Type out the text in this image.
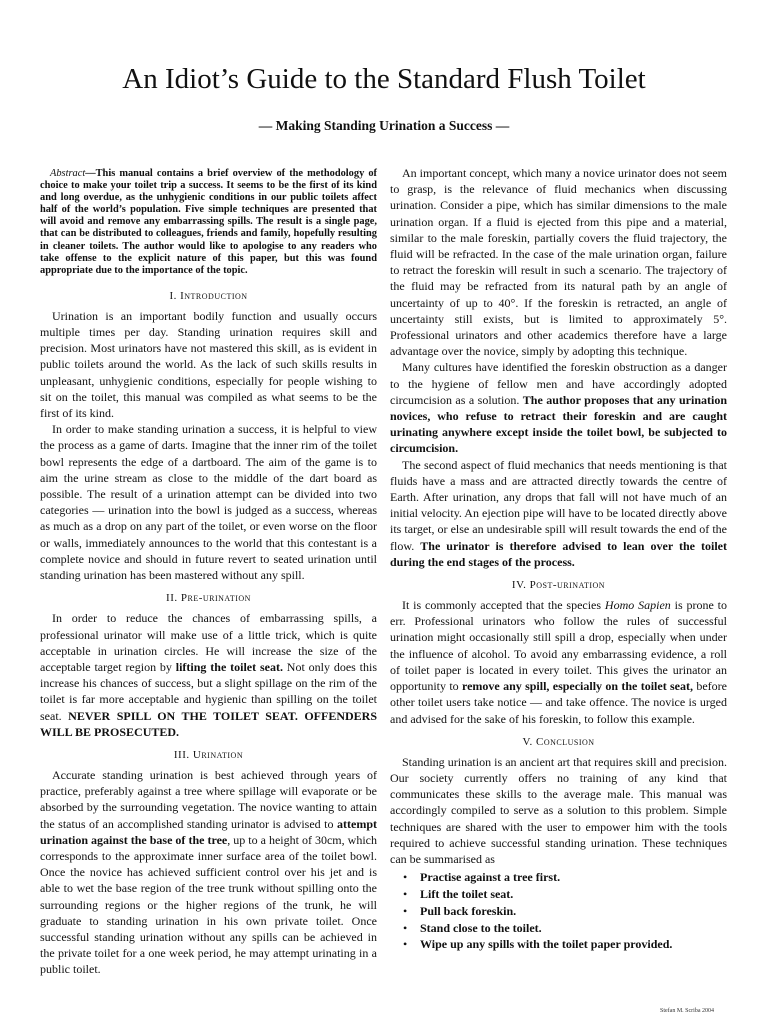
An Idiot’s Guide to the Standard Flush Toilet
— Making Standing Urination a Success —

Abstract—This manual contains a brief overview of the methodology of choice to make your toilet trip a success. It seems to be the first of its kind and long overdue, as the unhygienic conditions in our public toilets affect half of the world’s population. Five simple techniques are presented that will avoid and remove any embarrassing spills. The result is a single page, that can be distributed to colleagues, friends and family, hopefully resulting in cleaner toilets. The author would like to apologise to any readers who take offense to the explicit nature of this paper, but this was found appropriate due to the importance of the topic.

I. Introduction

Urination is an important bodily function and usually occurs multiple times per day. Standing urination requires skill and precision. Most urinators have not mastered this skill, as is evident in public toilets around the world. As the lack of such skills results in unpleasant, unhygienic conditions, especially for people wishing to sit on the toilet, this manual was compiled as what seems to be the first of its kind.

In order to make standing urination a success, it is helpful to view the process as a game of darts. Imagine that the inner rim of the toilet bowl represents the edge of a dartboard. The aim of the game is to aim the urine stream as close to the middle of the dart board as possible. The result of a urination attempt can be divided into two categories — urination into the bowl is judged as a success, whereas as much as a drop on any part of the toilet, or even worse on the floor or walls, immediately announces to the world that this contestant is a complete novice and should in future revert to seated urination until standing urination has been mastered without any spill.

II. Pre-urination

In order to reduce the chances of embarrassing spills, a professional urinator will make use of a little trick, which is quite acceptable in urination circles. He will increase the size of the acceptable target region by lifting the toilet seat. Not only does this increase his chances of success, but a slight spillage on the rim of the toilet is far more acceptable and hygienic than spilling on the toilet seat. NEVER SPILL ON THE TOILET SEAT. OFFENDERS WILL BE PROSECUTED.

III. Urination

Accurate standing urination is best achieved through years of practice, preferably against a tree where spillage will evaporate or be absorbed by the surrounding vegetation. The novice wanting to attain the status of an accomplished standing urinator is advised to attempt urination against the base of the tree, up to a height of 30cm, which corresponds to the approximate inner surface area of the toilet bowl. Once the novice has achieved sufficient control over his jet and is able to wet the base region of the tree trunk without spilling onto the surrounding regions or the higher regions of the trunk, he will graduate to standing urination in his own private toilet. Once successful standing urination without any spills can be achieved in the private toilet for a one week period, he may attempt urinating in a public toilet.

An important concept, which many a novice urinator does not seem to grasp, is the relevance of fluid mechanics when discussing urination. Consider a pipe, which has similar dimensions to the male urination organ. If a fluid is ejected from this pipe and a material, similar to the male foreskin, partially covers the fluid trajectory, the fluid will be refracted. In the case of the male urination organ, failure to retract the foreskin will result in such a scenario. The trajectory of the fluid may be refracted from its natural path by an angle of uncertainty of up to 40°. If the foreskin is retracted, an angle of uncertainty still exists, but is limited to approximately 5°. Professional urinators and other academics therefore have a large advantage over the novice, simply by adopting this technique.

Many cultures have identified the foreskin obstruction as a danger to the hygiene of fellow men and have accordingly adopted circumcision as a solution. The author proposes that any urination novices, who refuse to retract their foreskin and are caught urinating anywhere except inside the toilet bowl, be subjected to circumcision.

The second aspect of fluid mechanics that needs mentioning is that fluids have a mass and are attracted directly towards the centre of Earth. After urination, any drops that fall will not have much of an initial velocity. An ejection pipe will have to be located directly above its target, or else an undesirable spill will result towards the end of the flow. The urinator is therefore advised to lean over the toilet during the end stages of the process.

IV. Post-urination

It is commonly accepted that the species Homo Sapien is prone to err. Professional urinators who follow the rules of successful urination might occasionally still spill a drop, especially when under the influence of alcohol. To avoid any embarrassing evidence, a roll of toilet paper is located in every toilet. This gives the urinator an opportunity to remove any spill, especially on the toilet seat, before other toilet users take notice — and take offence. The novice is urged and advised for the sake of his foreskin, to follow this example.

V. Conclusion

Standing urination is an ancient art that requires skill and precision. Our society currently offers no training of any kind that communicates these skills to the average male. This manual was accordingly compiled to serve as a solution to this problem. Simple techniques are shared with the user to empower him with the tools required to achieve successful standing urination. These techniques can be summarised as

• Practise against a tree first.
• Lift the toilet seat.
• Pull back foreskin.
• Stand close to the toilet.
• Wipe up any spills with the toilet paper provided.
Stefan M. Scriba 2004
